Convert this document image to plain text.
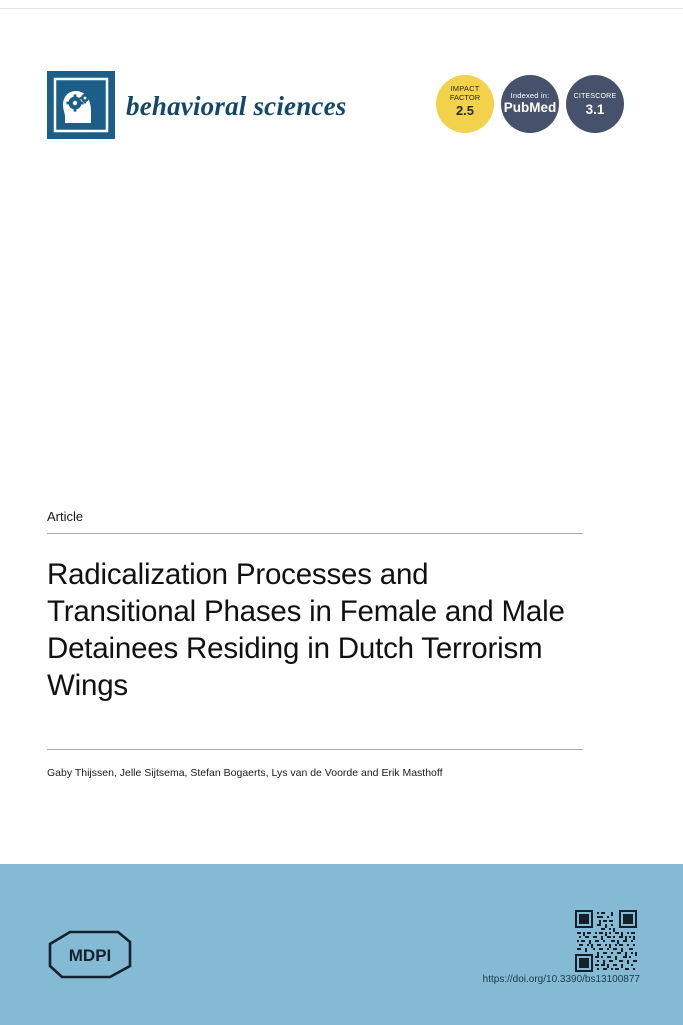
behavioral sciences
IMPACT
FACTOR
2.5
Indexed in:
PubMed
CITESCORE
3.1
Article
Radicalization Processes and Transitional Phases in Female and Male Detainees Residing in Dutch Terrorism Wings
Gaby Thijssen, Jelle Sijtsema, Stefan Bogaerts, Lys van de Voorde and Erik Masthoff
MDPI
https://doi.org/10.3390/bs13100877
